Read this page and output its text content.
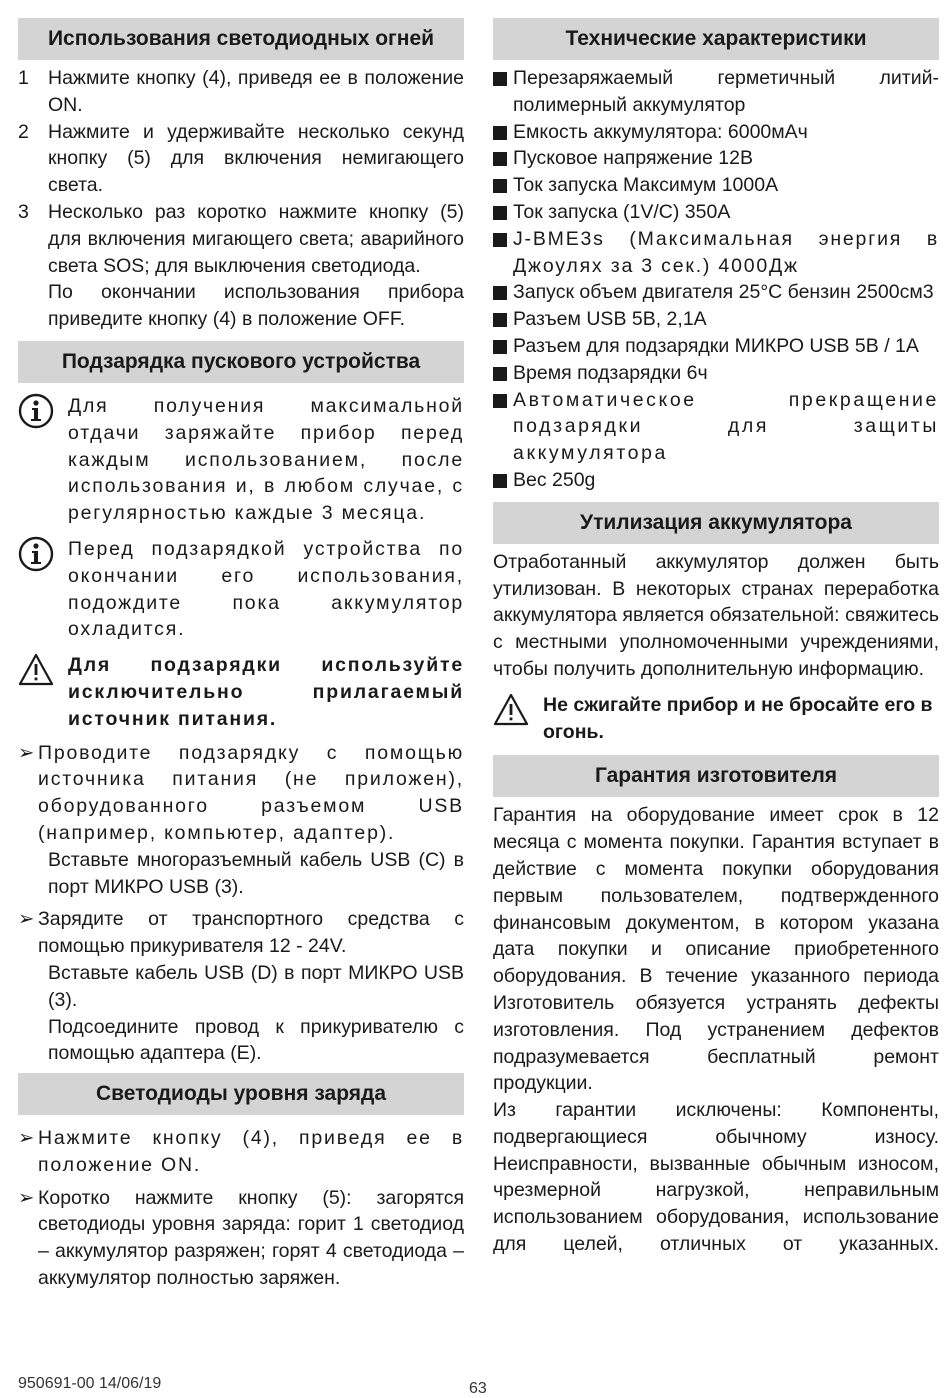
Использования светодиодных огней
1 Нажмите кнопку (4), приведя ее в положение ON.
2 Нажмите и удерживайте несколько секунд кнопку (5) для включения немигающего света.
3 Несколько раз коротко нажмите кнопку (5) для включения мигающего света; аварийного света SOS; для выключения светодиода.

По окончании использования прибора приведите кнопку (4) в положение OFF.

Подзарядка пускового устройства

Для получения максимальной отдачи заряжайте прибор перед каждым использованием, после использования и, в любом случае, с регулярностью каждые 3 месяца.

Перед подзарядкой устройства по окончании его использования, подождите пока аккумулятор охладится.

Для подзарядки используйте исключительно прилагаемый источник питания.

➢ Проводите подзарядку с помощью источника питания (не приложен), оборудованного разъемом USB (например, компьютер, адаптер).

Вставьте многоразъемный кабель USB (C) в порт МИКРО USB (3).

➢ Зарядите от транспортного средства с помощью прикуривателя 12 - 24V.

Вставьте кабель USB (D) в порт МИКРО USB (3).

Подсоедините провод к прикуривателю с помощью адаптера (E).

Светодиоды уровня заряда
➢ Нажмите кнопку (4), приведя ее в положение ON.
➢ Коротко нажмите кнопку (5): загорятся светодиоды уровня заряда: горит 1 светодиод – аккумулятор разряжен; горят 4 светодиода – аккумулятор полностью заряжен.
Технические характеристики
Перезаряжаемый герметичный литий-полимерный аккумулятор
Емкость аккумулятора: 6000мАч
Пусковое напряжение 12В
Ток запуска Максимум 1000А
Ток запуска (1V/C) 350А
J-BME3s (Максимальная энергия в Джоулях за 3 сек.) 4000Дж
Запуск объем двигателя 25°C бензин 2500см3
Разъем USB 5В, 2,1А
Разъем для подзарядки МИКРО USB 5В / 1А
Время подзарядки 6ч
Автоматическое прекращение подзарядки для защиты аккумулятора
Вес 250g
Утилизация аккумулятора

Отработанный аккумулятор должен быть утилизован. В некоторых странах переработка аккумулятора является обязательной: свяжитесь с местными уполномоченными учреждениями, чтобы получить дополнительную информацию.

Не сжигайте прибор и не бросайте его в огонь.

Гарантия изготовителя

Гарантия на оборудование имеет срок в 12 месяца с момента покупки. Гарантия вступает в действие с момента покупки оборудования первым пользователем, подтвержденного финансовым документом, в котором указана дата покупки и описание приобретенного оборудования. В течение указанного периода Изготовитель обязуется устранять дефекты изготовления. Под устранением дефектов подразумевается бесплатный ремонт продукции.

Из гарантии исключены: Компоненты, подвергающиеся обычному износу. Неисправности, вызванные обычным износом, чрезмерной нагрузкой, неправильным использованием оборудования, использование для целей, отличных от указанных.

950691-00 14/06/19	63
